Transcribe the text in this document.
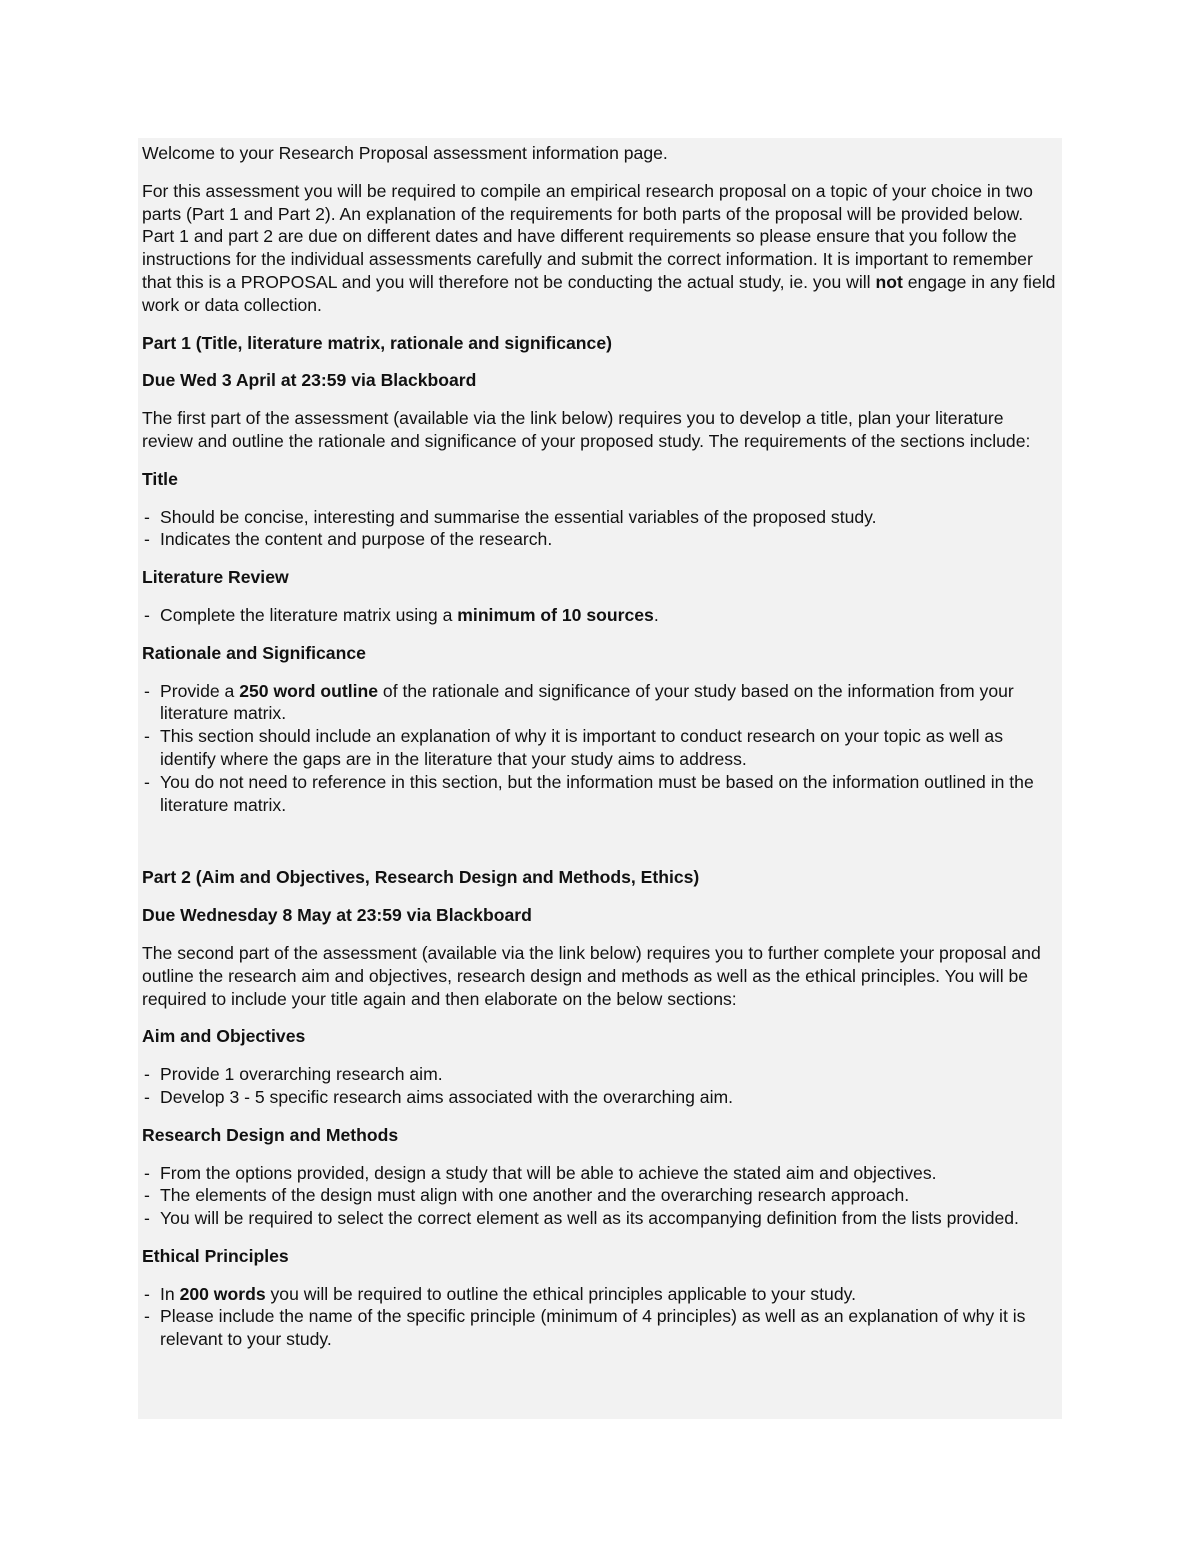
Welcome to your Research Proposal assessment information page.

For this assessment you will be required to compile an empirical research proposal on a topic of your choice in two parts (Part 1 and Part 2). An explanation of the requirements for both parts of the proposal will be provided below. Part 1 and part 2 are due on different dates and have different requirements so please ensure that you follow the instructions for the individual assessments carefully and submit the correct information. It is important to remember that this is a PROPOSAL and you will therefore not be conducting the actual study, ie. you will not engage in any field work or data collection.

Part 1 (Title, literature matrix, rationale and significance)
Due Wed 3 April at 23:59 via Blackboard

The first part of the assessment (available via the link below) requires you to develop a title, plan your literature review and outline the rationale and significance of your proposed study. The requirements of the sections include:

Title
- Should be concise, interesting and summarise the essential variables of the proposed study.
- Indicates the content and purpose of the research.
Literature Review
- Complete the literature matrix using a minimum of 10 sources.
Rationale and Significance
- Provide a 250 word outline of the rationale and significance of your study based on the information from your literature matrix.
- This section should include an explanation of why it is important to conduct research on your topic as well as identify where the gaps are in the literature that your study aims to address.
- You do not need to reference in this section, but the information must be based on the information outlined in the literature matrix.
Part 2 (Aim and Objectives, Research Design and Methods, Ethics)
Due Wednesday 8 May at 23:59 via Blackboard

The second part of the assessment (available via the link below) requires you to further complete your proposal and outline the research aim and objectives, research design and methods as well as the ethical principles. You will be required to include your title again and then elaborate on the below sections:

Aim and Objectives
- Provide 1 overarching research aim.
- Develop 3 - 5 specific research aims associated with the overarching aim.
Research Design and Methods
- From the options provided, design a study that will be able to achieve the stated aim and objectives.
- The elements of the design must align with one another and the overarching research approach.
- You will be required to select the correct element as well as its accompanying definition from the lists provided.
Ethical Principles
- In 200 words you will be required to outline the ethical principles applicable to your study.
- Please include the name of the specific principle (minimum of 4 principles) as well as an explanation of why it is relevant to your study.
